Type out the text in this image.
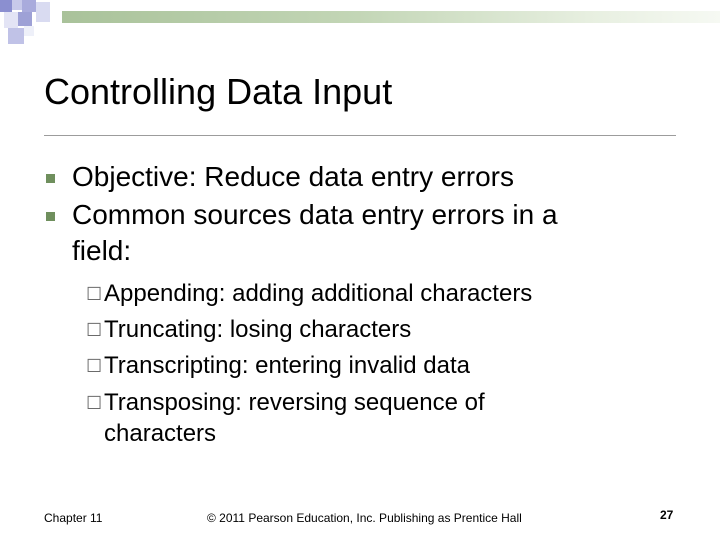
Controlling Data Input
Objective: Reduce data entry errors
Common sources data entry errors in a
field:
☐ Appending: adding additional characters
☐ Truncating: losing characters
☐ Transcripting: entering invalid data
☐ Transposing: reversing sequence of
characters
Chapter 11	© 2011 Pearson Education, Inc. Publishing as Prentice Hall	27
